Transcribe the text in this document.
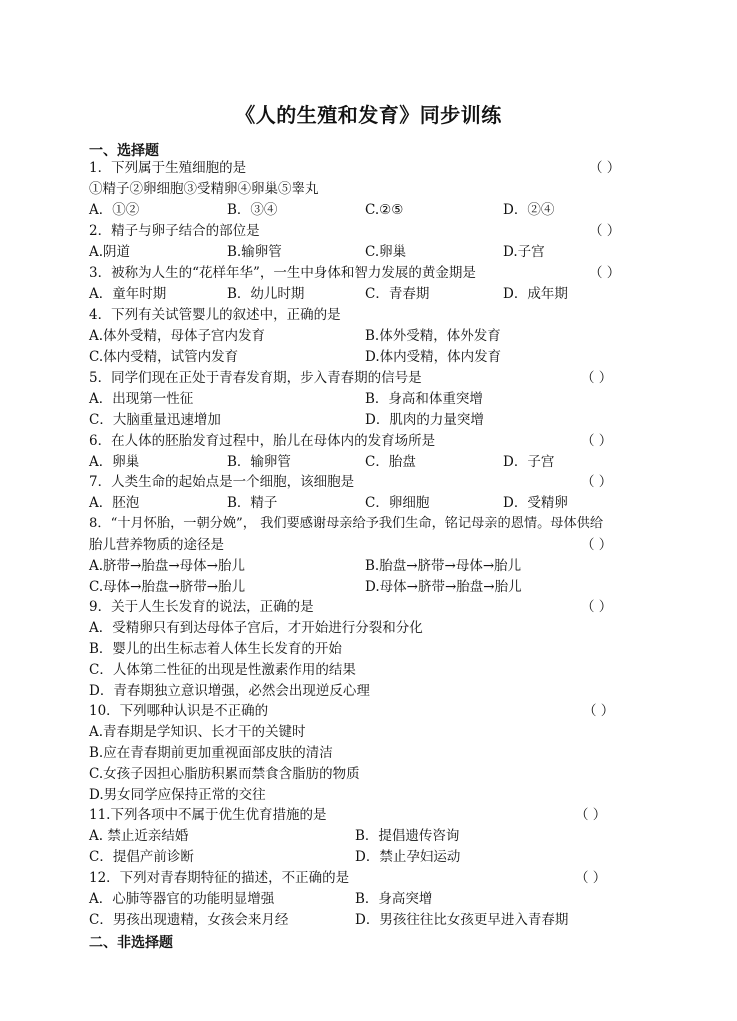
《人的生殖和发育》同步训练
一、选择题
1．下列属于生殖细胞的是	（ ）
①精子②卵细胞③受精卵④卵巢⑤睾丸
A．①②	B．③④	C.②⑤	D．②④
2．精子与卵子结合的部位是	（ ）
A.阴道	B.输卵管	C.卵巢	D.子宫
3．被称为人生的“花样年华”，一生中身体和智力发展的黄金期是	（ ）
A．童年时期	B．幼儿时期	C．青春期	D．成年期
4．下列有关试管婴儿的叙述中，正确的是
A.体外受精，母体子宫内发育	B.体外受精，体外发育
C.体内受精，试管内发育	D.体内受精，体内发育
5．同学们现在正处于青春发育期，步入青春期的信号是	（ ）
A．出现第一性征	B．身高和体重突增
C．大脑重量迅速增加	D．肌肉的力量突增
6．在人体的胚胎发育过程中，胎儿在母体内的发育场所是	（ ）
A．卵巢	B．输卵管	C．胎盘	D．子宫
7．人类生命的起始点是一个细胞，该细胞是	（ ）
A．胚泡	B．精子	C．卵细胞	D．受精卵
8．“十月怀胎，一朝分娩”， 我们要感谢母亲给予我们生命，铭记母亲的恩情。母体供给
胎儿营养物质的途径是	（ ）
A.脐带→胎盘→母体→胎儿	B.胎盘→脐带→母体→胎儿
C.母体→胎盘→脐带→胎儿	D.母体→脐带→胎盘→胎儿
9．关于人生长发育的说法，正确的是	（ ）
A．受精卵只有到达母体子宫后，才开始进行分裂和分化
B．婴儿的出生标志着人体生长发育的开始
C．人体第二性征的出现是性激素作用的结果
D．青春期独立意识增强，必然会出现逆反心理
10．下列哪种认识是不正确的	（ ）
A.青春期是学知识、长才干的关键时
B.应在青春期前更加重视面部皮肤的清洁
C.女孩子因担心脂肪积累而禁食含脂肪的物质
D.男女同学应保持正常的交往
11.下列各项中不属于优生优育措施的是	（ ）
A. 禁止近亲结婚	B．提倡遗传咨询
C．提倡产前诊断	D．禁止孕妇运动
12．下列对青春期特征的描述，不正确的是	（ ）
A．心肺等器官的功能明显增强	B．身高突增
C．男孩出现遗精，女孩会来月经	D．男孩往往比女孩更早进入青春期
二、非选择题
